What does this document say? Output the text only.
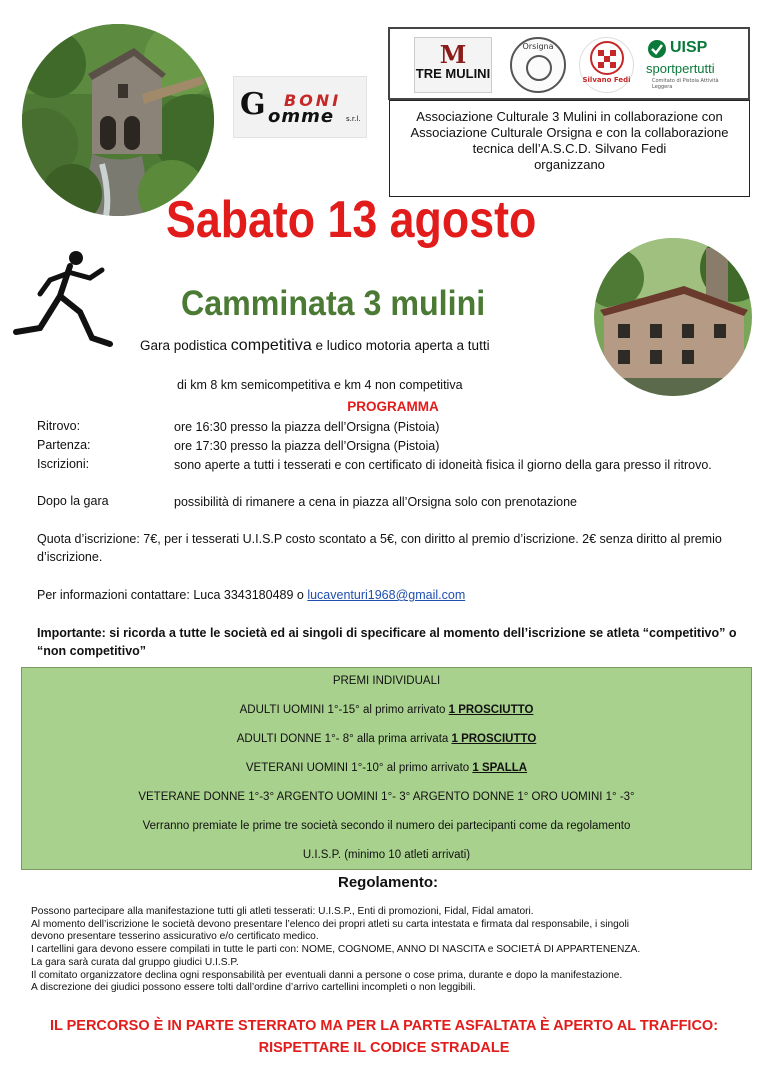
G BONI
omme s.r.l.
M
TRE MULINI
Orsigna
Silvano Fedi
UISP
sportpertutti
Comitato di Pistoia Attività Leggera
Associazione Culturale 3 Mulini in collaborazione con
Associazione Culturale Orsigna e con la collaborazione
tecnica dell’A.S.C.D. Silvano Fedi
organizzano
Sabato 13 agosto
Camminata 3 mulini
Gara podistica competitiva e ludico motoria aperta a tutti
di km 8 km semicompetitiva e km 4 non competitiva
PROGRAMMA
Ritrovo:	ore 16:30 presso la piazza dell’Orsigna (Pistoia)
Partenza:	ore 17:30 presso la piazza dell’Orsigna (Pistoia)
Iscrizioni:	sono aperte a tutti i tesserati e con certificato di idoneità fisica il giorno della gara presso il ritrovo.
Dopo la gara	possibilità di rimanere a cena in piazza all’Orsigna solo con prenotazione
Quota d’iscrizione: 7€, per i tesserati U.I.S.P costo scontato a 5€, con diritto al premio d’iscrizione. 2€ senza diritto al premio d’iscrizione.
Per informazioni contattare: Luca 3343180489 o lucaventuri1968@gmail.com
Importante: si ricorda a tutte le società ed ai singoli di specificare al momento dell’iscrizione se atleta “competitivo” o “non competitivo”
PREMI INDIVIDUALI
ADULTI UOMINI 1°-15° al primo arrivato 1 PROSCIUTTO
ADULTI DONNE 1°- 8° alla prima arrivata 1 PROSCIUTTO
VETERANI UOMINI 1°-10° al primo arrivato 1 SPALLA
VETERANE DONNE 1°-3° ARGENTO UOMINI 1°- 3° ARGENTO DONNE 1° ORO UOMINI 1° -3°
Verranno premiate le prime tre società secondo il numero dei partecipanti come da regolamento
U.I.S.P. (minimo 10 atleti arrivati)
Regolamento:
Possono partecipare alla manifestazione tutti gli atleti tesserati: U.I.S.P., Enti di promozioni, Fidal, Fidal amatori.
Al momento dell’iscrizione le società devono presentare l’elenco dei propri atleti su carta intestata e firmata dal responsabile, i singoli
devono presentare tesserino assicurativo e/o certificato medico.
I cartellini gara devono essere compilati in tutte le parti con: NOME, COGNOME, ANNO DI NASCITA e SOCIETÁ DI APPARTENENZA.
La gara sarà curata dal gruppo giudici U.I.S.P.
Il comitato organizzatore declina ogni responsabilità per eventuali danni a persone o cose prima, durante e dopo la manifestazione.
A discrezione dei giudici possono essere tolti dall’ordine d’arrivo cartellini incompleti o non leggibili.
IL PERCORSO È IN PARTE STERRATO MA PER LA PARTE ASFALTATA È APERTO AL TRAFFICO:
RISPETTARE IL CODICE STRADALE
